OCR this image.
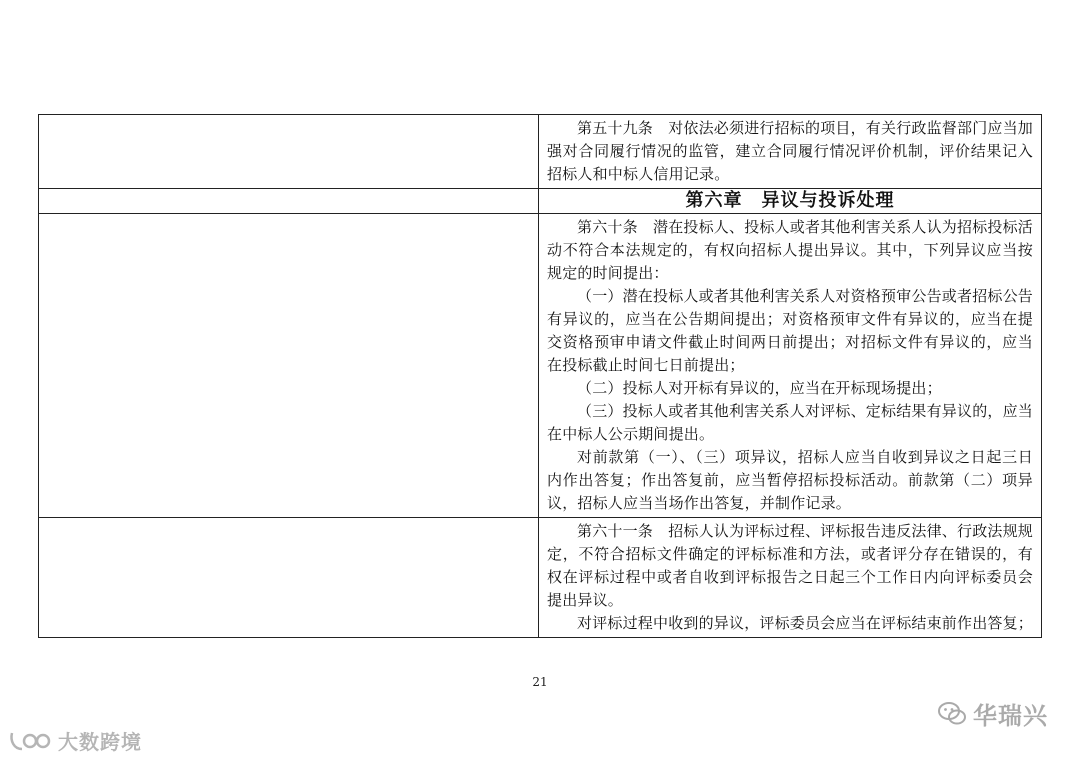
	第五十九条　对依法必须进行招标的项目，有关行政监督部门应当加强对合同履行情况的监管，建立合同履行情况评价机制，评价结果记入招标人和中标人信用记录。

	第六章　异议与投诉处理

	第六十条　潜在投标人、投标人或者其他利害关系人认为招标投标活动不符合本法规定的，有权向招标人提出异议。其中，下列异议应当按规定的时间提出：

（一）潜在投标人或者其他利害关系人对资格预审公告或者招标公告有异议的，应当在公告期间提出；对资格预审文件有异议的，应当在提交资格预审申请文件截止时间两日前提出；对招标文件有异议的，应当在投标截止时间七日前提出；

（二）投标人对开标有异议的，应当在开标现场提出；

（三）投标人或者其他利害关系人对评标、定标结果有异议的，应当在中标人公示期间提出。

对前款第（一）、（三）项异议，招标人应当自收到异议之日起三日内作出答复；作出答复前，应当暂停招标投标活动。前款第（二）项异议，招标人应当当场作出答复，并制作记录。

	第六十一条　招标人认为评标过程、评标报告违反法律、行政法规规定，不符合招标文件确定的评标标准和方法，或者评分存在错误的，有权在评标过程中或者自收到评标报告之日起三个工作日内向评标委员会提出异议。

对评标过程中收到的异议，评标委员会应当在评标结束前作出答复；

21
华瑞兴
大数跨境
